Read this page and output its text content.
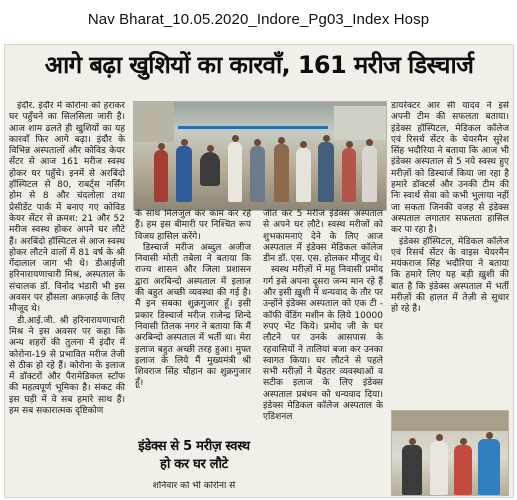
Nav Bharat_10.05.2020_Indore_Pg03_Index Hosp
आगे बढ़ा खुशियों का कारवाँ, 161 मरीज डिस्चार्ज

इंदौर. इंदौर में कोरोना को हराकर घर पहुँचने का सिलसिला जारी है। आज शाम ढलते ही खुशियों का यह कारवाँ फिर आगे बढ़ा। इंदौर के विभिन्न अस्पतालों और कोविड केयर सेंटर से आज 161 मरीज स्वस्थ होकर घर पहुँचे। इनमें से अरबिंदो हॉस्पिटल से 80, राबर्ट्स नर्सिंग होम से 8 और चंदलोला तथा प्रेसीडेंट पार्क में बनाए गए कोविड केयर सेंटर से क्रमश: 21 और 52 मरीज स्वस्थ होकर अपने घर लौटे हैं। अरबिंदो हॉस्पिटल से आज स्वस्थ होकर लौटने वालों में 81 वर्ष के श्री गेंदालाल जाग भी थे। डीआईजी हरिनारायणाचारी मिश्र, अस्पताल के संचालक डॉ. विनोद भंडारी भी इस अवसर पर हौसला अफ़ज़ाई के लिए मौजूद थे।

डी.आई.जी. श्री हरिनारायणाचारी मिश्र ने इस अवसर पर कहा कि अन्य शहरों की तुलना में इंदौर में कोरोना-19 से प्रभावित मरीज तेजी से ठीक हो रहे हैं। कोरोना के इलाज में डॉक्टरों और पैरामेडिकल स्टॉफ की महत्वपूर्ण भूमिका है। संकट की इस घड़ी में वे सब हमारे साथ हैं। हम सब सकारात्मक दृष्टिकोण

के साथ मिलजुल कर काम कर रहे हैं। हम इस बीमारी पर निश्चित रूप विजय हासिल करेंगे।

डिस्चार्ज मरीज अब्दुल अजीज निवासी मोती तबेला ने बताया कि राज्य शासन और जिला प्रशासन द्वारा अरबिन्दो अस्पताल में इलाज की बहुत अच्छी व्यवस्था की गई है। मैं इन सबका शुक्रगुजार हूँ। इसी प्रकार डिस्चार्ज मरीज राजेन्द्र शिन्दे निवासी तिलक नगर ने बताया कि मैं अरबिन्दो अस्पताल में भर्ती था। मेरा इलाज बहुत अच्छी तरह हुआ। मुफ्त इलाज के लिये मैं मुख्यमंत्री श्री शिवराज सिंह चौहान का शुक्रगुजार हूँ।

इंडेक्स से 5 मरीज़ स्वस्थ हो कर घर लौटे

शनिवार को भी कोरोना से

जीत कर 5 मरीज इंडेक्स अस्पताल से अपने घर लौटे। स्वस्थ मरीजों को शुभकामनाएं देने के लिए आज अस्पताल में इंडेक्स मेडिकल कॉलेज डीन डॉ. एस. एस. होलकर मौजूद थे।

स्वस्थ मरीज़ों में महू निवासी प्रमोद गर्ग इसे अपना दूसरा जन्म मान रहे हैं और इसी ख़ुशी में धन्यवाद के तौर पर उन्होंने इंडेक्स अस्पताल को एक टी - कॉफी वेंडिंग मशीन के लिये 10000 रुपए भेंट किये। प्रमोद जी के घर लौटने पर उनके आसपास के रहवासियों ने तालियां बजा कर उनका स्वागत किया। घर लौटने से पहले सभी मरीज़ों ने बेहतर व्यवस्थाओं व सटीक इलाज के लिए इंडेक्स अस्पताल प्रबंधन को धन्यवाद दिया। इंडेक्स मेडिकल कॉलेज अस्पताल के एडिशनल

डायरेक्टर आर सी यादव ने इसे अपनी टीम की सफलता बताया। इंडेक्स हॉस्पिटल, मेडिकल कॉलेज एवं रिसर्च सेंटर के चेयरमैन सुरेश सिंह भदौरिया ने बताया कि आज भी इंडेक्स अस्पताल से 5 नये स्वस्थ हुए मरीज़ों को डिस्चार्ज किया जा रहा है हमारे डॉक्टर्स और उनकी टीम की निः स्वार्थ सेवा को कभी भुलाया नहीं जा सकता जिनकी वजह से इंडेक्स अस्पताल लगातार सफलता हासिल कर पा रहा है।

इंडेक्स हॉस्पिटल, मेडिकल कॉलेज एवं रिसर्च सेंटर के वाइस चेयरमैन मयंकराज सिंह भदौरिया ने बताया कि हमारे लिए यह बड़ी ख़ुशी की बात है कि इंडेक्स अस्पताल में भर्ती मरीज़ों की हालत में तेज़ी से सुधार हो रहे है।
